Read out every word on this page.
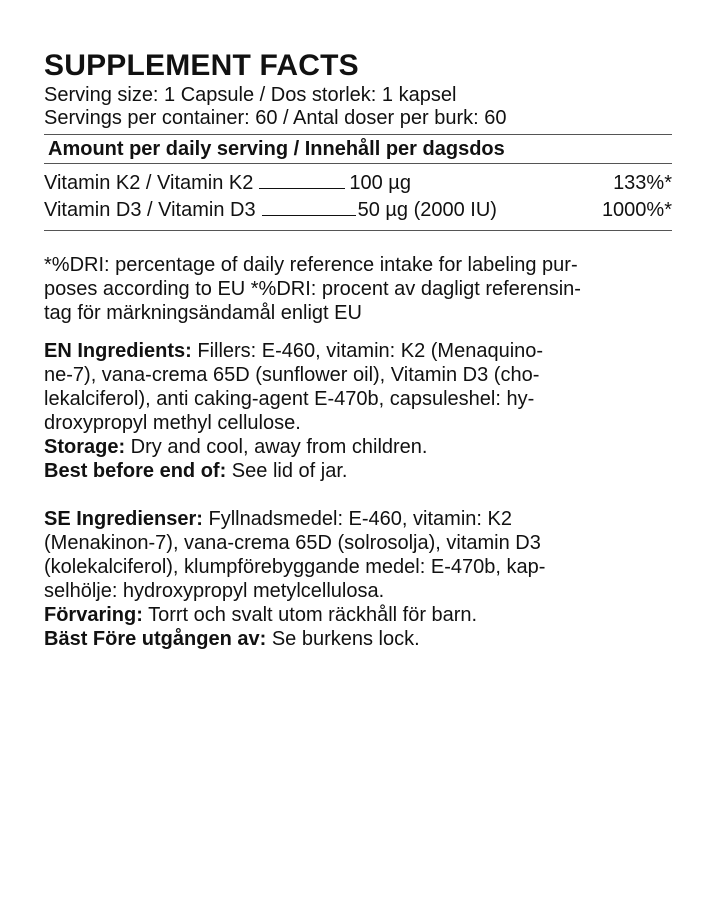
SUPPLEMENT FACTS
Serving size: 1 Capsule / Dos storlek: 1 kapsel
Servings per container: 60 / Antal doser per burk: 60
Amount per daily serving / Innehåll per dagsdos
Vitamin K2 / Vitamin K2	100 µg	133%*
Vitamin D3 / Vitamin D3	50 µg (2000 IU)	1000%*
*%DRI: percentage of daily reference intake for labeling pur-
poses according to EU *%DRI: procent av dagligt referensin-
tag för märkningsändamål enligt EU
EN Ingredients: Fillers: E-460, vitamin: K2 (Menaquino-
ne-7), vana-crema 65D (sunflower oil), Vitamin D3 (cho-
lekalciferol), anti caking-agent E-470b, capsuleshel: hy-
droxypropyl methyl cellulose.
Storage: Dry and cool, away from children.
Best before end of: See lid of jar.
SE Ingredienser: Fyllnadsmedel: E-460, vitamin: K2
(Menakinon-7), vana-crema 65D (solrosolja), vitamin D3
(kolekalciferol), klumpförebyggande medel: E-470b, kap-
selhölje: hydroxypropyl metylcellulosa.
Förvaring: Torrt och svalt utom räckhåll för barn.
Bäst Före utgången av: Se burkens lock.
